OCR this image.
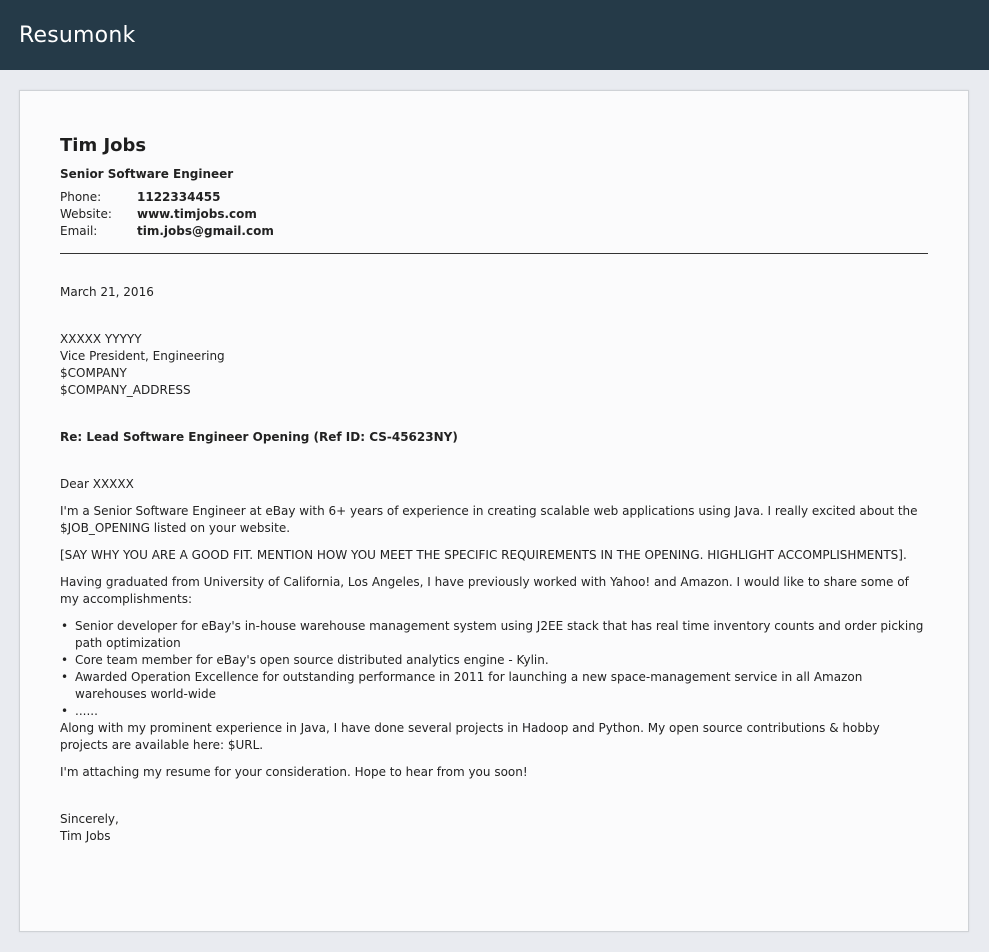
Resumonk
Tim Jobs
Senior Software Engineer
Phone:	1122334455
Website:	www.timjobs.com
Email:	tim.jobs@gmail.com
March 21, 2016
XXXXX YYYYY
Vice President, Engineering
$COMPANY
$COMPANY_ADDRESS
Re: Lead Software Engineer Opening (Ref ID: CS-45623NY)
Dear XXXXX

I'm a Senior Software Engineer at eBay with 6+ years of experience in creating scalable web applications using Java. I really excited about the $JOB_OPENING listed on your website.

[SAY WHY YOU ARE A GOOD FIT. MENTION HOW YOU MEET THE SPECIFIC REQUIREMENTS IN THE OPENING. HIGHLIGHT ACCOMPLISHMENTS].

Having graduated from University of California, Los Angeles, I have previously worked with Yahoo! and Amazon. I would like to share some of my accomplishments:

• Senior developer for eBay's in-house warehouse management system using J2EE stack that has real time inventory counts and order picking path optimization
• Core team member for eBay's open source distributed analytics engine - Kylin.
• Awarded Operation Excellence for outstanding performance in 2011 for launching a new space-management service in all Amazon warehouses world-wide
• ......

Along with my prominent experience in Java, I have done several projects in Hadoop and Python. My open source contributions & hobby projects are available here: $URL.

I'm attaching my resume for your consideration. Hope to hear from you soon!

Sincerely,
Tim Jobs
